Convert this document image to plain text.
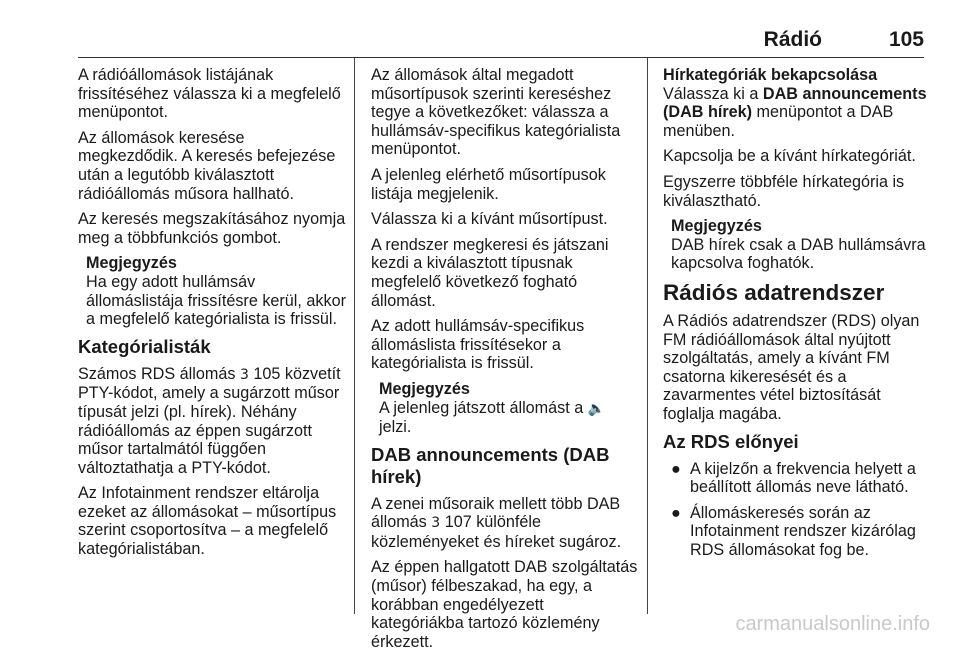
Rádió	105

A rádióállomások listájának
frissítéséhez válassza ki a megfelelő
menüpontot.

Az állomások keresése
megkezdődik. A keresés befejezése
után a legutóbb kiválasztott
rádióállomás műsora hallható.

Az keresés megszakításához nyomja
meg a többfunkciós gombot.

Megjegyzés
Ha egy adott hullámsáv
állomáslistája frissítésre kerül, akkor
a megfelelő kategórialista is frissül.
Kategórialisták

Számos RDS állomás 3 105 közvetít
PTY-kódot, amely a sugárzott műsor
típusát jelzi (pl. hírek). Néhány
rádióállomás az éppen sugárzott
műsor tartalmától függően
változtathatja a PTY-kódot.

Az Infotainment rendszer eltárolja
ezeket az állomásokat – műsortípus
szerint csoportosítva – a megfelelő
kategórialistában.

Az állomások által megadott
műsortípusok szerinti kereséshez
tegye a következőket: válassza a
hullámsáv-specifikus kategórialista
menüpontot.

A jelenleg elérhető műsortípusok
listája megjelenik.

Válassza ki a kívánt műsortípust.

A rendszer megkeresi és játszani
kezdi a kiválasztott típusnak
megfelelő következő fogható
állomást.

Az adott hullámsáv-specifikus
állomáslista frissítésekor a
kategórialista is frissül.

Megjegyzés
A jelenleg játszott állomást a 🔈 jelzi.
DAB announcements (DAB hírek)

A zenei műsoraik mellett több DAB
állomás 3 107 különféle
közleményeket és híreket sugároz.

Az éppen hallgatott DAB szolgáltatás
(műsor) félbeszakad, ha egy, a
korábban engedélyezett
kategóriákba tartozó közlemény
érkezett.

Hírkategóriák bekapcsolása

Válassza ki a DAB announcements
(DAB hírek) menüpontot a DAB
menüben.

Kapcsolja be a kívánt hírkategóriát.

Egyszerre többféle hírkategória is
kiválasztható.

Megjegyzés
DAB hírek csak a DAB hullámsávra
kapcsolva foghatók.
Rádiós adatrendszer

A Rádiós adatrendszer (RDS) olyan
FM rádióállomások által nyújtott
szolgáltatás, amely a kívánt FM
csatorna kikeresését és a
zavarmentes vétel biztosítását
foglalja magába.

Az RDS előnyei
● A kijelzőn a frekvencia helyett a
beállított állomás neve látható.
● Állomáskeresés során az
Infotainment rendszer kizárólag
RDS állomásokat fog be.
carmanualsonline.info
